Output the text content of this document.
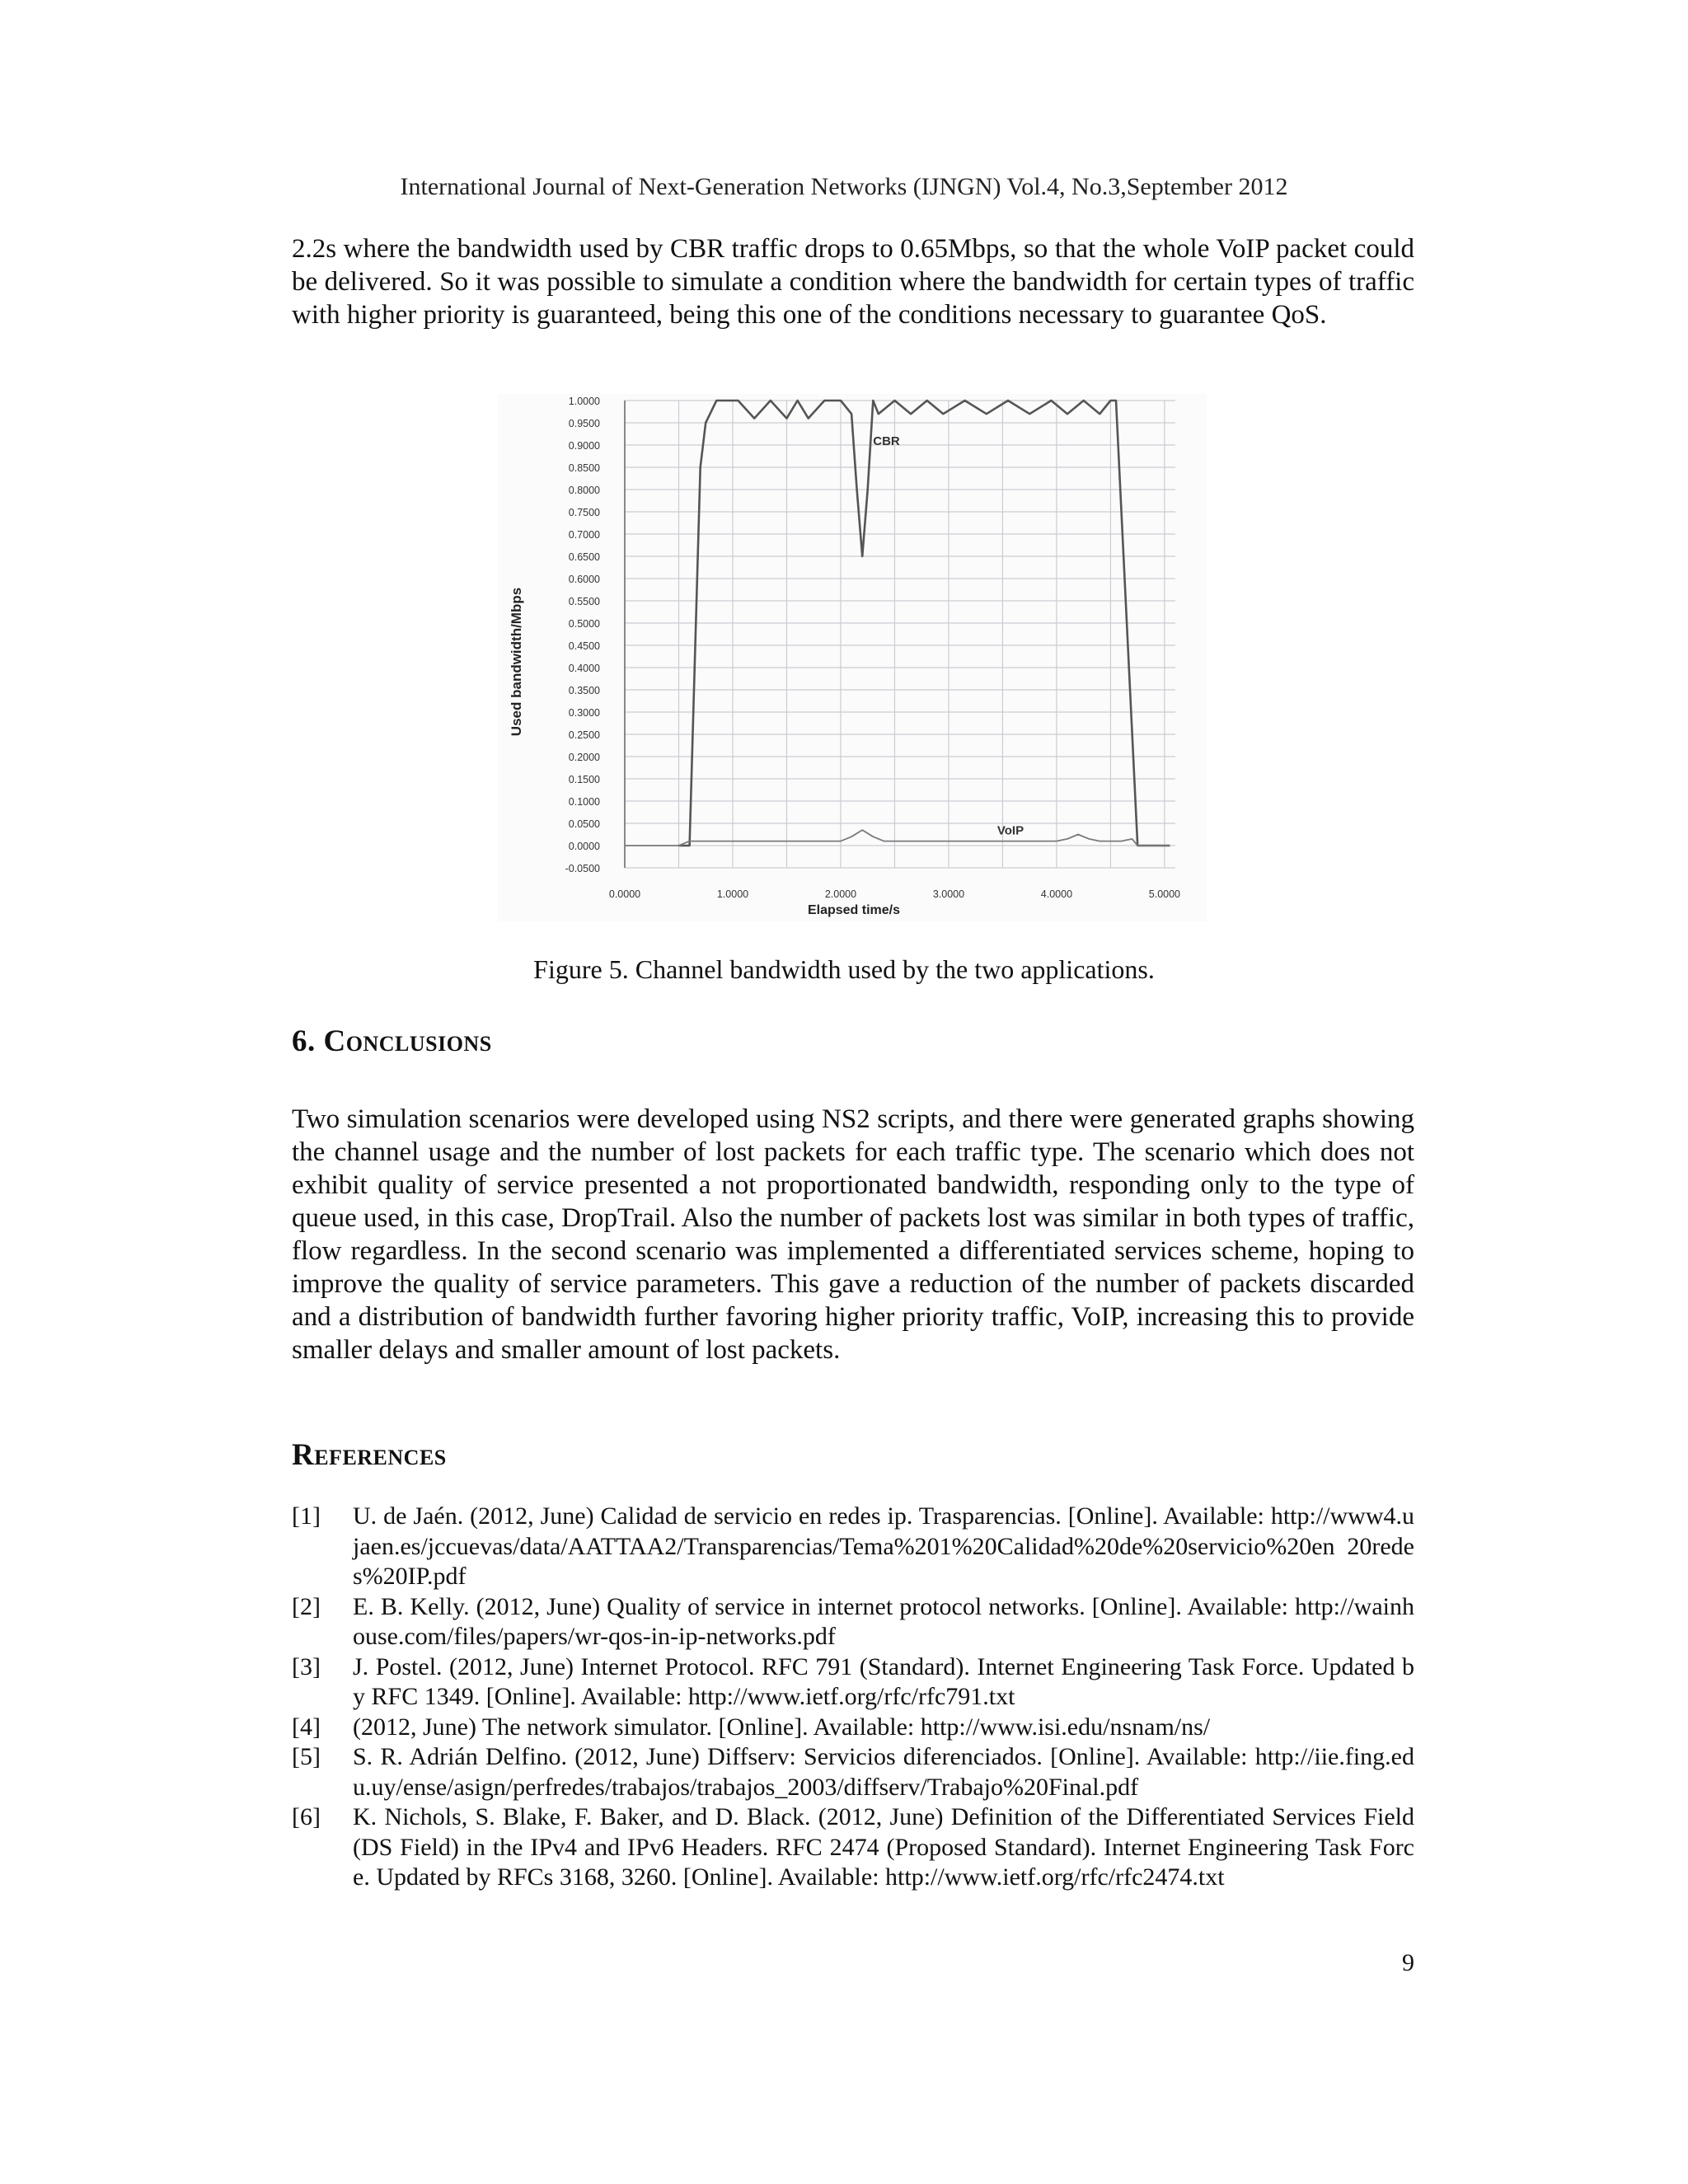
International Journal of Next-Generation Networks (IJNGN) Vol.4, No.3,September 2012
2.2s where the bandwidth used by CBR traffic drops to 0.65Mbps, so that the whole VoIP packet could be delivered. So it was possible to simulate a condition where the bandwidth for certain types of traffic with higher priority is guaranteed, being this one of the conditions necessary to guarantee QoS.
1.0000
0.9500
0.9000
0.8500
0.8000
0.7500
0.7000
0.6500
0.6000
0.5500
0.5000
0.4500
0.4000
0.3500
0.3000
0.2500
0.2000
0.1500
0.1000
0.0500
0.0000
-0.0500
0.0000	1.0000	2.0000	3.0000	4.0000	5.0000
CBR
VoIP
Used bandwidth/Mbps
Elapsed time/s
Figure 5. Channel bandwidth used by the two applications.
6. Conclusions
Two simulation scenarios were developed using NS2 scripts, and there were generated graphs showing the channel usage and the number of lost packets for each traffic type. The scenario which does not exhibit quality of service presented a not proportionated bandwidth, responding only to the type of queue used, in this case, DropTrail. Also the number of packets lost was similar in both types of traffic, flow regardless. In the second scenario was implemented a differentiated services scheme, hoping to improve the quality of service parameters. This gave a reduction of the number of packets discarded and a distribution of bandwidth further favoring higher priority traffic, VoIP, increasing this to provide smaller delays and smaller amount of lost packets.
References
[1] U. de Jaén. (2012, June) Calidad de servicio en redes ip. Trasparencias. [Online]. Available: http://www4.ujaen.es/jccuevas/data/AATTAA2/Transparencias/Tema%201%20Calidad%20de%20servicio%20en 20redes%20IP.pdf
[2] E. B. Kelly. (2012, June) Quality of service in internet protocol networks. [Online]. Available: http://wainhouse.com/files/papers/wr-qos-in-ip-networks.pdf
[3] J. Postel. (2012, June) Internet Protocol. RFC 791 (Standard). Internet Engineering Task Force. Updated by RFC 1349. [Online]. Available: http://www.ietf.org/rfc/rfc791.txt
[4] (2012, June) The network simulator. [Online]. Available: http://www.isi.edu/nsnam/ns/
[5] S. R. Adrián Delfino. (2012, June) Diffserv: Servicios diferenciados. [Online]. Available: http://iie.fing.edu.uy/ense/asign/perfredes/trabajos/trabajos_2003/diffserv/Trabajo%20Final.pdf
[6] K. Nichols, S. Blake, F. Baker, and D. Black. (2012, June) Definition of the Differentiated Services Field (DS Field) in the IPv4 and IPv6 Headers. RFC 2474 (Proposed Standard). Internet Engineering Task Force. Updated by RFCs 3168, 3260. [Online]. Available: http://www.ietf.org/rfc/rfc2474.txt
9
